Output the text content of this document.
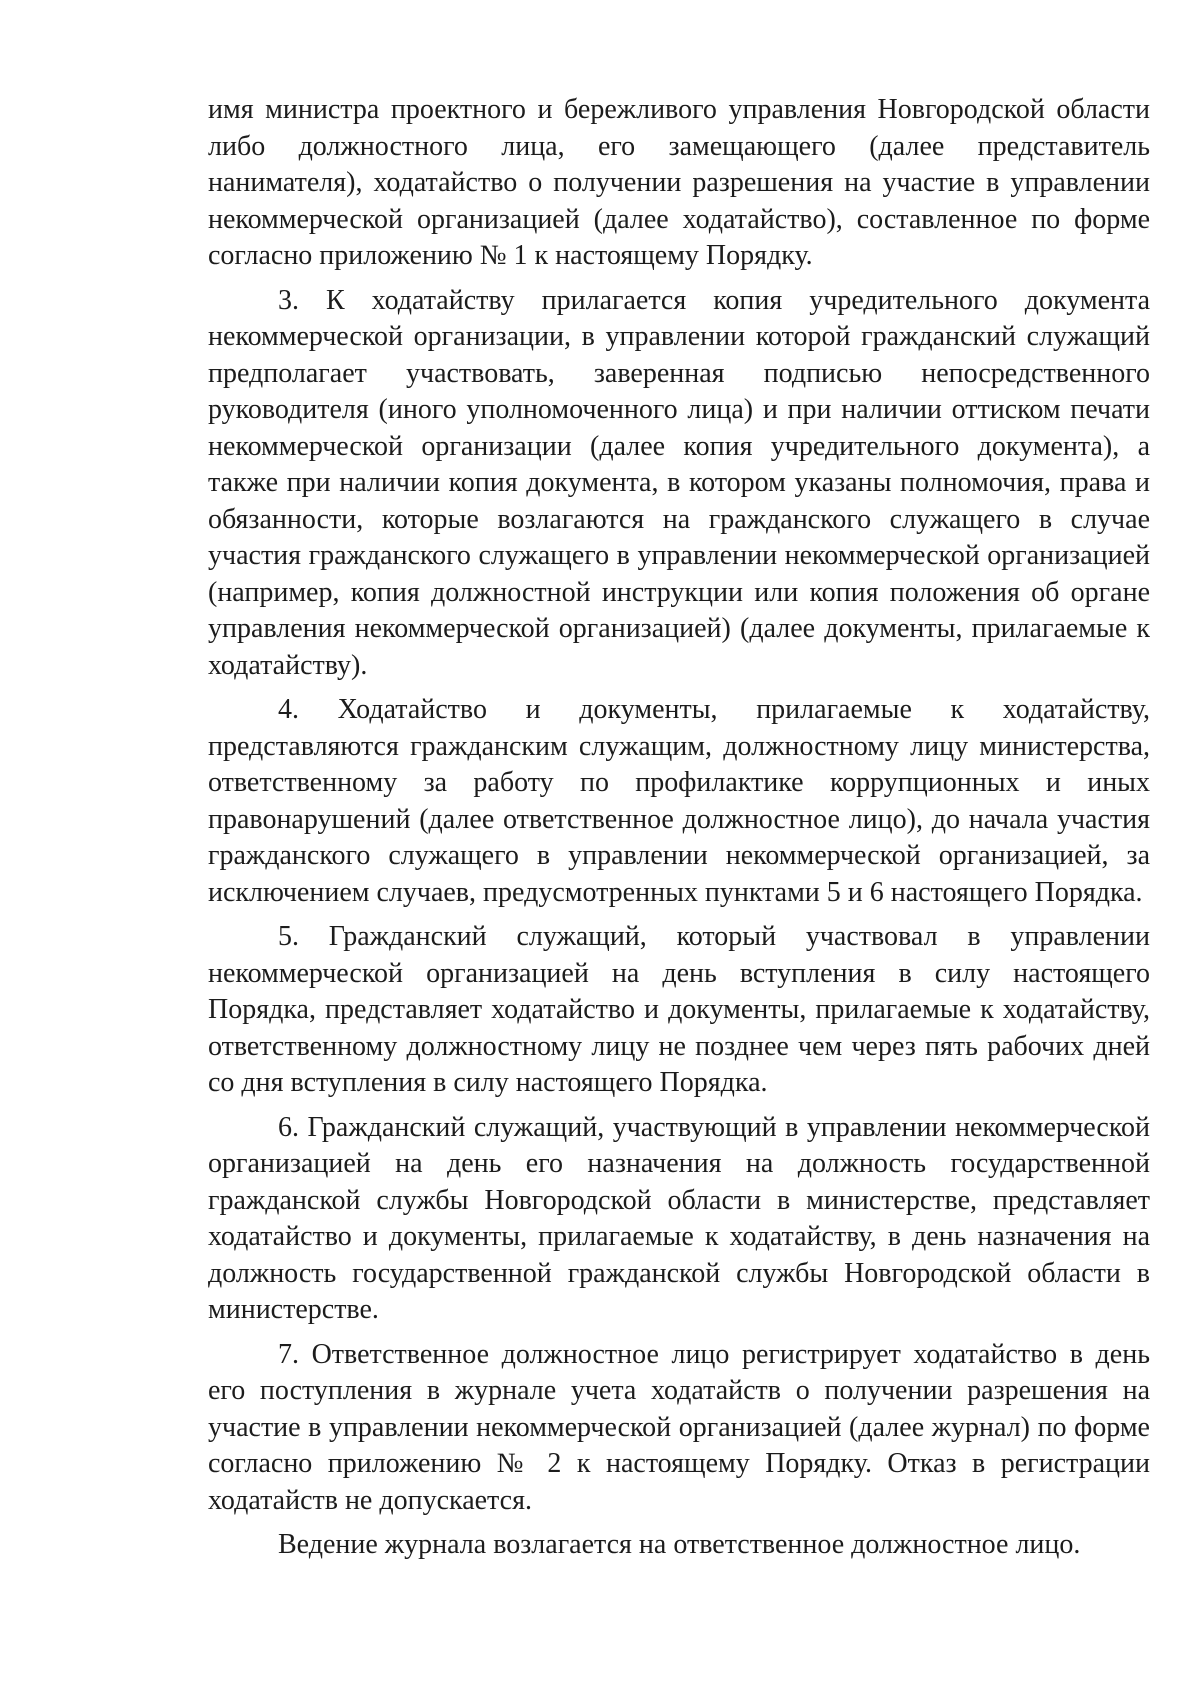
имя министра проектного и бережливого управления Новгородской области либо должностного лица, его замещающего (далее представитель нанимателя), ходатайство о получении разрешения на участие в управлении некоммерческой организацией (далее ходатайство), составленное по форме согласно приложению № 1 к настоящему Порядку.

3. К ходатайству прилагается копия учредительного документа некоммерческой организации, в управлении которой гражданский служащий предполагает участвовать, заверенная подписью непосредственного руководителя (иного уполномоченного лица) и при наличии оттиском печати некоммерческой организации (далее копия учредительного документа), а также при наличии копия документа, в котором указаны полномочия, права и обязанности, которые возлагаются на гражданского служащего в случае участия гражданского служащего в управлении некоммерческой организацией (например, копия должностной инструкции или копия положения об органе управления некоммерческой организацией) (далее документы, прилагаемые к ходатайству).

4. Ходатайство и документы, прилагаемые к ходатайству, представляются гражданским служащим, должностному лицу министерства, ответственному за работу по профилактике коррупционных и иных правонарушений (далее ответственное должностное лицо), до начала участия гражданского служащего в управлении некоммерческой организацией, за исключением случаев, предусмотренных пунктами 5 и 6 настоящего Порядка.

5. Гражданский служащий, который участвовал в управлении некоммерческой организацией на день вступления в силу настоящего Порядка, представляет ходатайство и документы, прилагаемые к ходатайству, ответственному должностному лицу не позднее чем через пять рабочих дней со дня вступления в силу настоящего Порядка.

6. Гражданский служащий, участвующий в управлении некоммерческой организацией на день его назначения на должность государственной гражданской службы Новгородской области в министерстве, представляет ходатайство и документы, прилагаемые к ходатайству, в день назначения на должность государственной гражданской службы Новгородской области в министерстве.

7. Ответственное должностное лицо регистрирует ходатайство в день его поступления в журнале учета ходатайств о получении разрешения на участие в управлении некоммерческой организацией (далее журнал) по форме согласно приложению № 2 к настоящему Порядку. Отказ в регистрации ходатайств не допускается.

Ведение журнала возлагается на ответственное должностное лицо.
